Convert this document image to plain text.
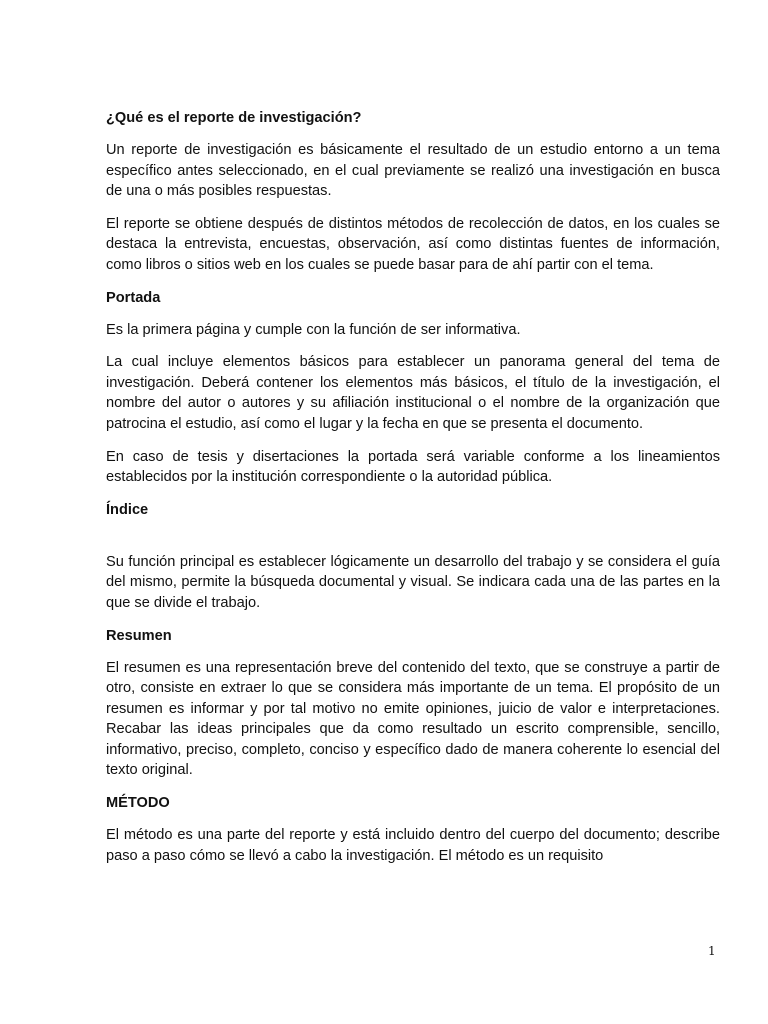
¿Qué es el reporte de investigación?

Un reporte de investigación es básicamente el resultado de un estudio entorno a un tema específico antes seleccionado, en el cual previamente se realizó una investigación en busca de una o más posibles respuestas.

El reporte se obtiene después de distintos métodos de recolección de datos, en los cuales se destaca la entrevista, encuestas, observación, así como distintas fuentes de información, como libros o sitios web en los cuales se puede basar para de ahí partir con el tema.

Portada

Es la primera página y cumple con la función de ser informativa.

La cual incluye elementos básicos para establecer un panorama general del tema de investigación. Deberá contener los elementos más básicos, el título de la investigación, el nombre del autor o autores y su afiliación institucional o el nombre de la organización que patrocina el estudio, así como el lugar y la fecha en que se presenta el documento.

En caso de tesis y disertaciones la portada será variable conforme a los lineamientos establecidos por la institución correspondiente o la autoridad pública.

Índice

Su función principal es establecer lógicamente un desarrollo del trabajo y se considera el guía del mismo, permite la búsqueda documental y visual. Se indicara cada una de las partes en la que se divide el trabajo.

Resumen

El resumen es una representación breve del contenido del texto, que se construye a partir de otro, consiste en extraer lo que se considera más importante de un tema. El propósito de un resumen es informar y por tal motivo no emite opiniones, juicio de valor e interpretaciones. Recabar las ideas principales que da como resultado un escrito comprensible, sencillo, informativo, preciso, completo, conciso y específico dado de manera coherente lo esencial del texto original.

MÉTODO

El método es una parte del reporte y está incluido dentro del cuerpo del documento; describe paso a paso cómo se llevó a cabo la investigación. El método es un requisito

1
